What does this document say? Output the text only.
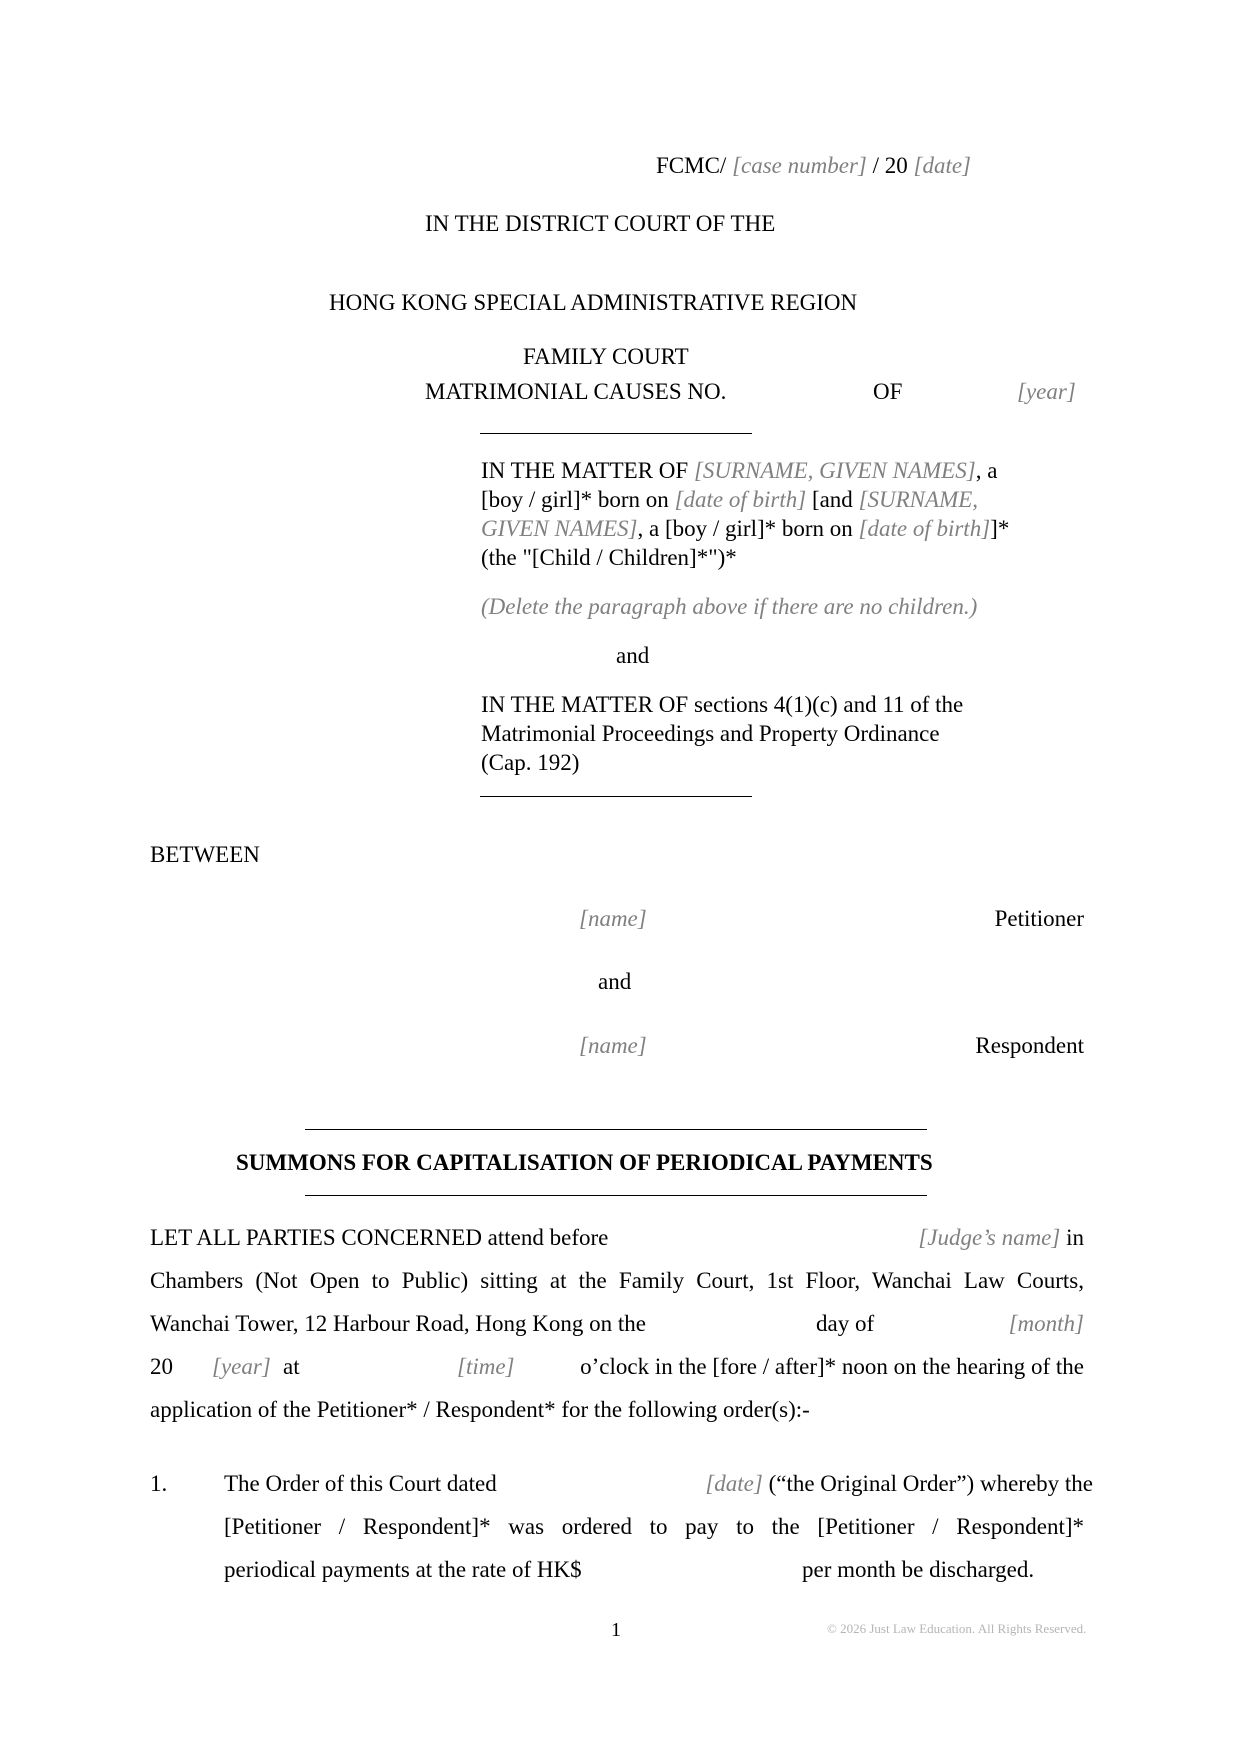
FCMC/ [case number] / 20 [date]
IN THE DISTRICT COURT OF THE
HONG KONG SPECIAL ADMINISTRATIVE REGION
FAMILY COURT
MATRIMONIAL CAUSES NO.	OF	[year]
IN THE MATTER OF [SURNAME, GIVEN NAMES], a
[boy / girl]* born on [date of birth] [and [SURNAME,
GIVEN NAMES], a [boy / girl]* born on [date of birth]]*
(the "[Child / Children]*")*
(Delete the paragraph above if there are no children.)
and
IN THE MATTER OF sections 4(1)(c) and 11 of the
Matrimonial Proceedings and Property Ordinance
(Cap. 192)
BETWEEN
[name]	Petitioner
and
[name]	Respondent
SUMMONS FOR CAPITALISATION OF PERIODICAL PAYMENTS
LET ALL PARTIES CONCERNED attend before	[Judge’s name] in
Chambers (Not Open to Public) sitting at the Family Court, 1st Floor, Wanchai Law Courts,
Wanchai Tower, 12 Harbour Road, Hong Kong on the	day of	[month]
20 [year] at	[time]	o’clock in the [fore / after]* noon on the hearing of the
application of the Petitioner* / Respondent* for the following order(s):-
1. The Order of this Court dated	[date] (“the Original Order”) whereby the
[Petitioner / Respondent]* was ordered to pay to the [Petitioner / Respondent]*
periodical payments at the rate of HK$	per month be discharged.
1	© 2026 Just Law Education. All Rights Reserved.
